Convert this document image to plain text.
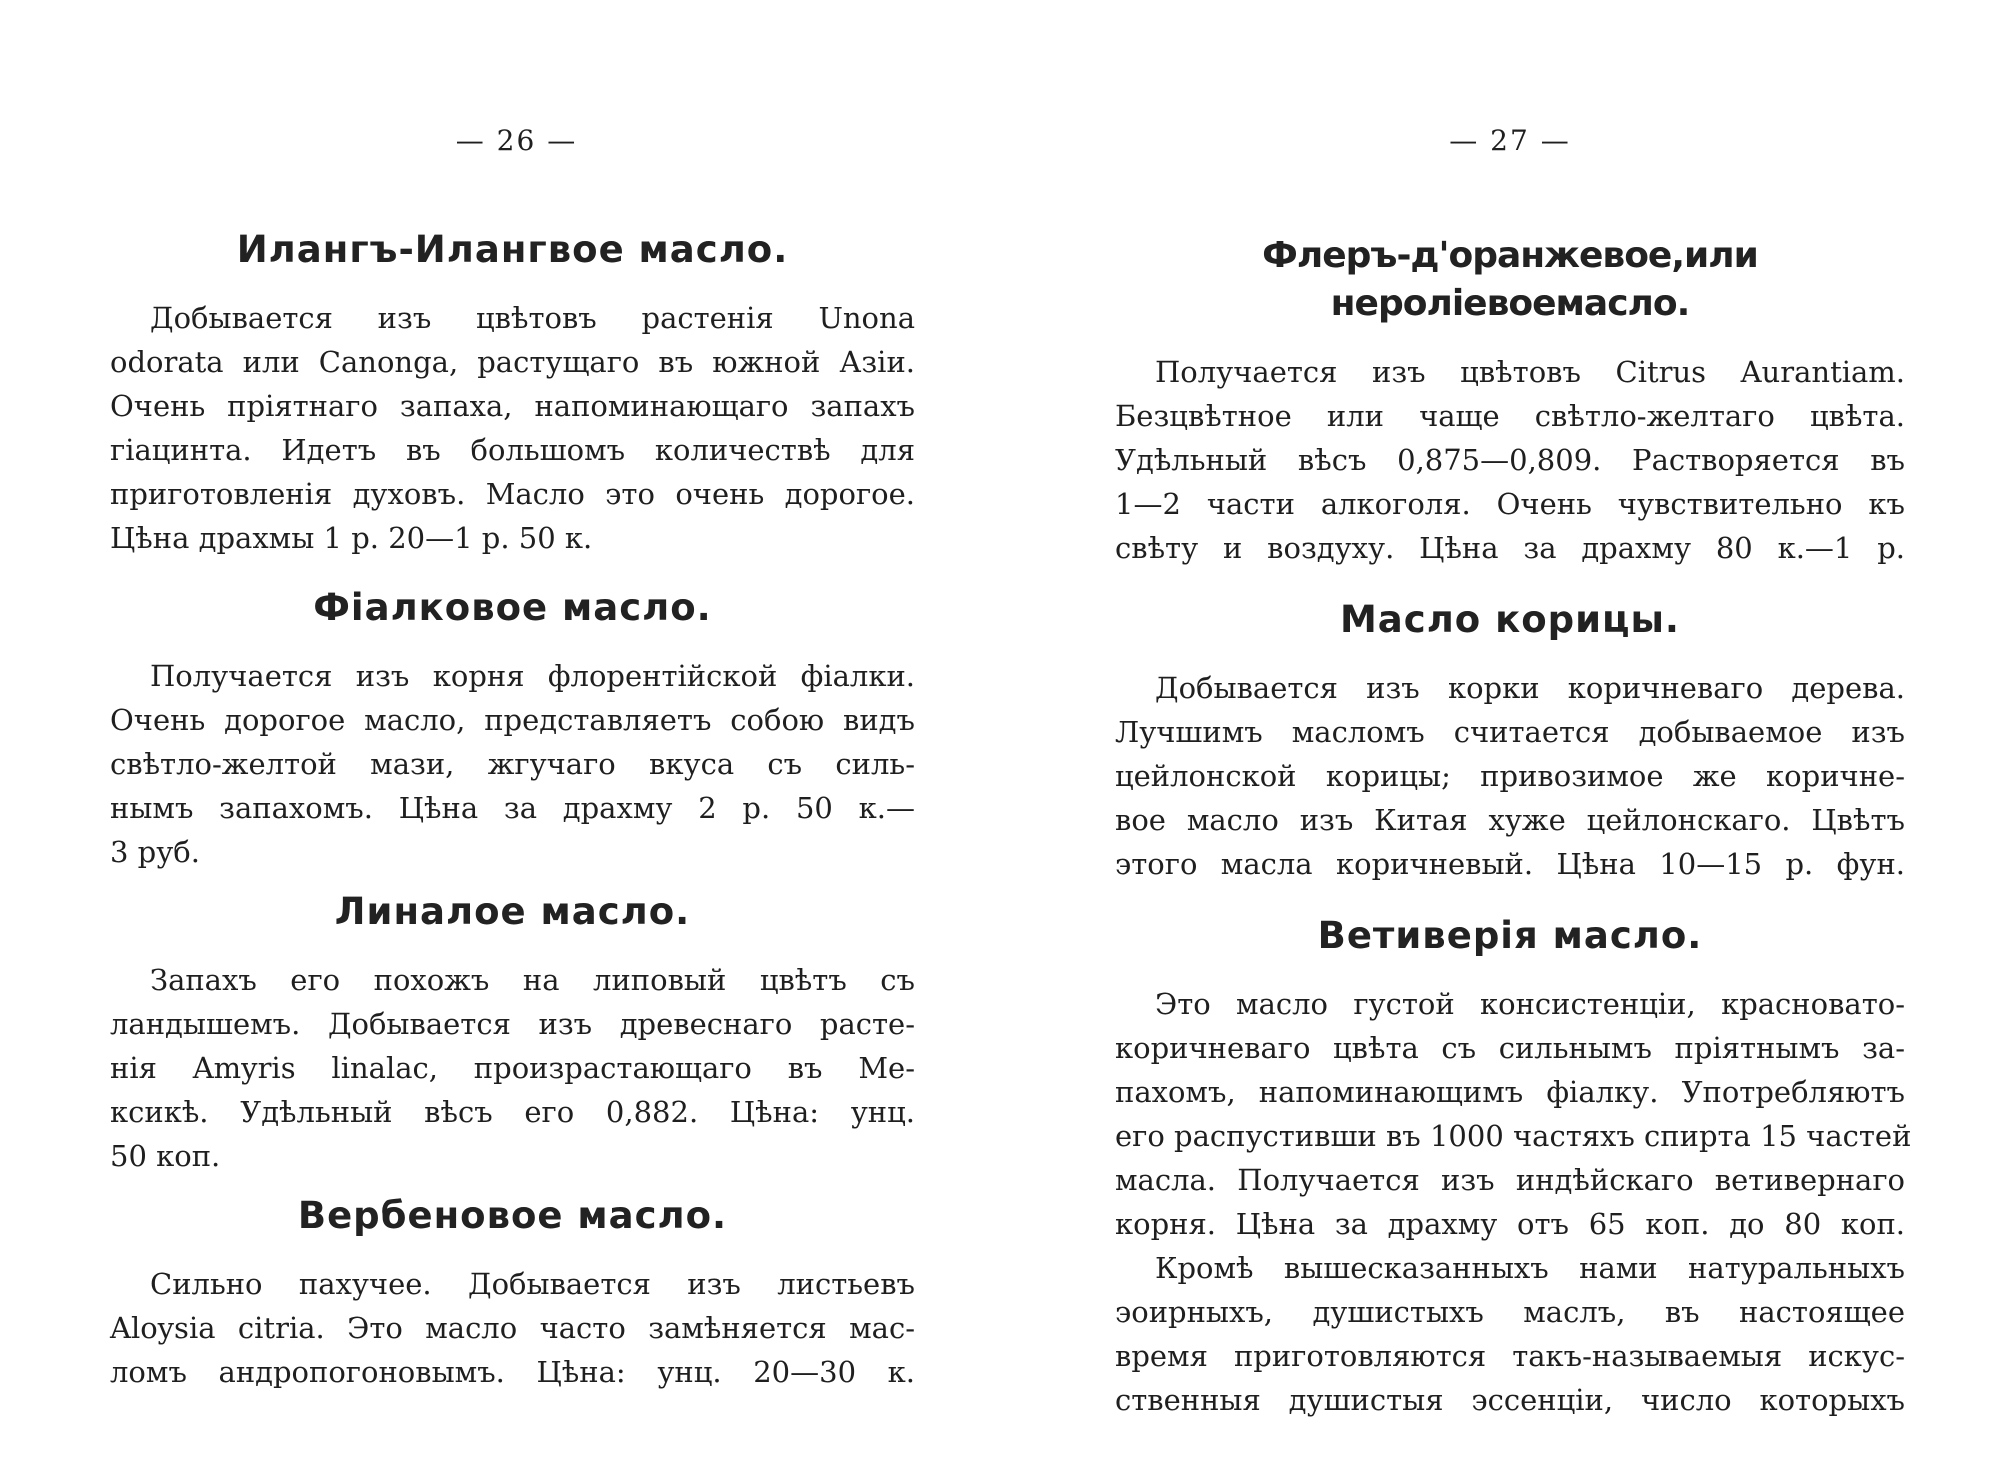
— 26 —
Илангъ-Илангвое масло.
Добывается изъ цвѣтовъ растенія Unona
odorata или Canonga, растущаго въ южной Азіи.
Очень пріятнаго запаха, напоминающаго запахъ
гіацинта. Идетъ въ большомъ количествѣ для
приготовленія духовъ. Масло это очень дорогое.
Цѣна драхмы 1 р. 20—1 р. 50 к.
Фіалковое масло.
Получается изъ корня флорентійской фіалки.
Очень дорогое масло, представляетъ собою видъ
свѣтло-желтой мази, жгучаго вкуса съ силь-
нымъ запахомъ. Цѣна за драхму 2 р. 50 к.—
3 руб.
Линалое масло.
Запахъ его похожъ на липовый цвѣтъ съ
ландышемъ. Добывается изъ древеснаго расте-
нія Amyris linalac, произрастающаго въ Ме-
ксикѣ. Удѣльный вѣсъ его 0,882. Цѣна: унц.
50 коп.
Вербеновое масло.
Сильно пахучее. Добывается изъ листьевъ
Aloysia citria. Это масло часто замѣняется мас-
ломъ андропогоновымъ. Цѣна: унц. 20—30 к.
— 27 —
Флеръ-д'оранжевое,или нероліевоемасло.
Получается изъ цвѣтовъ Citrus Aurantiam.
Безцвѣтное или чаще свѣтло-желтаго цвѣта.
Удѣльный вѣсъ 0,875—0,809. Растворяется въ
1—2 части алкоголя. Очень чувствительно къ
свѣту и воздуху. Цѣна за драхму 80 к.—1 р.
Масло корицы.
Добывается изъ корки коричневаго дерева.
Лучшимъ масломъ считается добываемое изъ
цейлонской корицы; привозимое же коричне-
вое масло изъ Китая хуже цейлонскаго. Цвѣтъ
этого масла коричневый. Цѣна 10—15 р. фун.
Ветиверія масло.
Это масло густой консистенціи, красновато-
коричневаго цвѣта съ сильнымъ пріятнымъ за-
пахомъ, напоминающимъ фіалку. Употребляютъ
его распустивши въ 1000 частяхъ спирта 15 частей
масла. Получается изъ индѣйскаго ветивернаго
корня. Цѣна за драхму отъ 65 коп. до 80 коп.
Кромѣ вышесказанныхъ нами натуральныхъ
эоирныхъ, душистыхъ маслъ, въ настоящее
время приготовляются такъ-называемыя искус-
ственныя душистыя эссенціи, число которыхъ
